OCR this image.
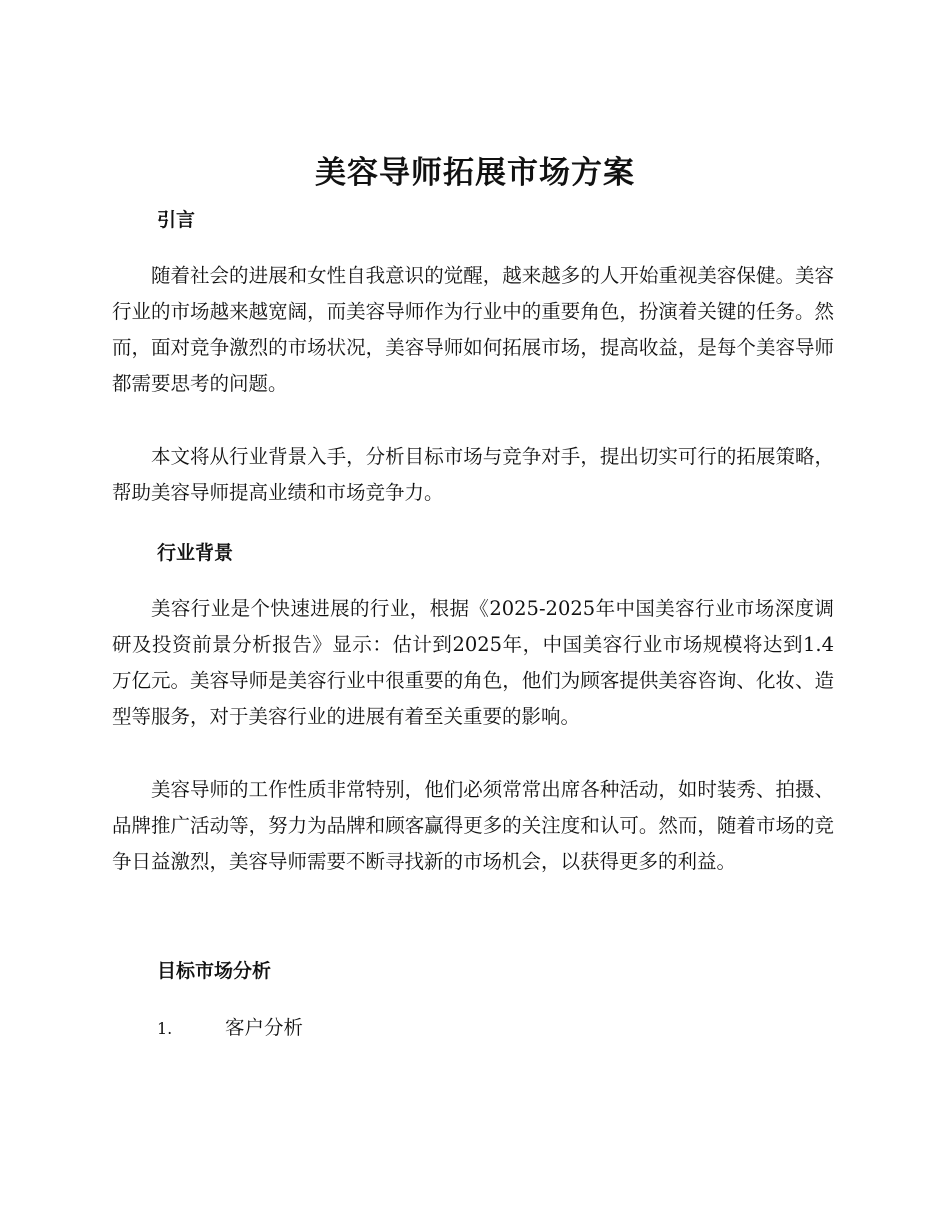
美容导师拓展市场方案
引言

随着社会的进展和女性自我意识的觉醒，越来越多的人开始重视美容保健。美容行业的市场越来越宽阔，而美容导师作为行业中的重要角色，扮演着关键的任务。然而，面对竞争激烈的市场状况，美容导师如何拓展市场，提高收益，是每个美容导师都需要思考的问题。

本文将从行业背景入手，分析目标市场与竞争对手，提出切实可行的拓展策略，帮助美容导师提高业绩和市场竞争力。

行业背景

美容行业是个快速进展的行业，根据《2025-2025年中国美容行业市场深度调研及投资前景分析报告》显示：估计到2025年，中国美容行业市场规模将达到1.4万亿元。美容导师是美容行业中很重要的角色，他们为顾客提供美容咨询、化妆、造型等服务，对于美容行业的进展有着至关重要的影响。

美容导师的工作性质非常特别，他们必须常常出席各种活动，如时装秀、拍摄、品牌推广活动等，努力为品牌和顾客赢得更多的关注度和认可。然而，随着市场的竞争日益激烈，美容导师需要不断寻找新的市场机会，以获得更多的利益。

目标市场分析
1.	客户分析
